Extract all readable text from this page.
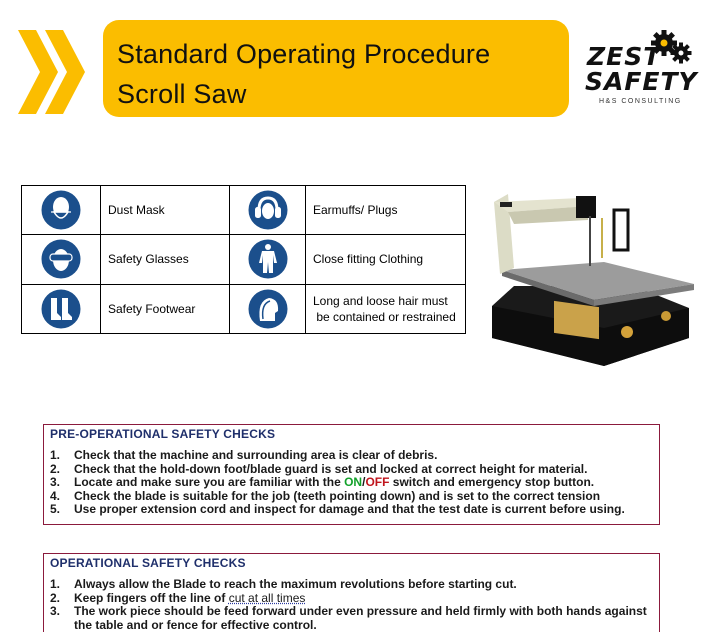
Standard Operating Procedure
Scroll Saw
ZEST
SAFETY
H&S CONSULTING
	Dust Mask		Earmuffs/ Plugs
	Safety Glasses		Close fitting Clothing
	Safety Footwear		Long and loose hair must
be contained or restrained
PRE-OPERATIONAL SAFETY CHECKS
1.	Check that the machine and surrounding area is clear of debris.
2.	Check that the hold-down foot/blade guard is set and locked at correct height for material.
3.	Locate and make sure you are familiar with the ON/OFF switch and emergency stop button.
4.	Check the blade is suitable for the job (teeth pointing down) and is set to the correct tension
5.	Use proper extension cord and inspect for damage and that the test date is current before using.
OPERATIONAL SAFETY CHECKS
1.	Always allow the Blade to reach the maximum revolutions before starting cut.
2.	Keep fingers off the line of cut at all times
3.	The work piece should be feed forward under even pressure and held firmly with both hands against the table and or fence for effective control.
